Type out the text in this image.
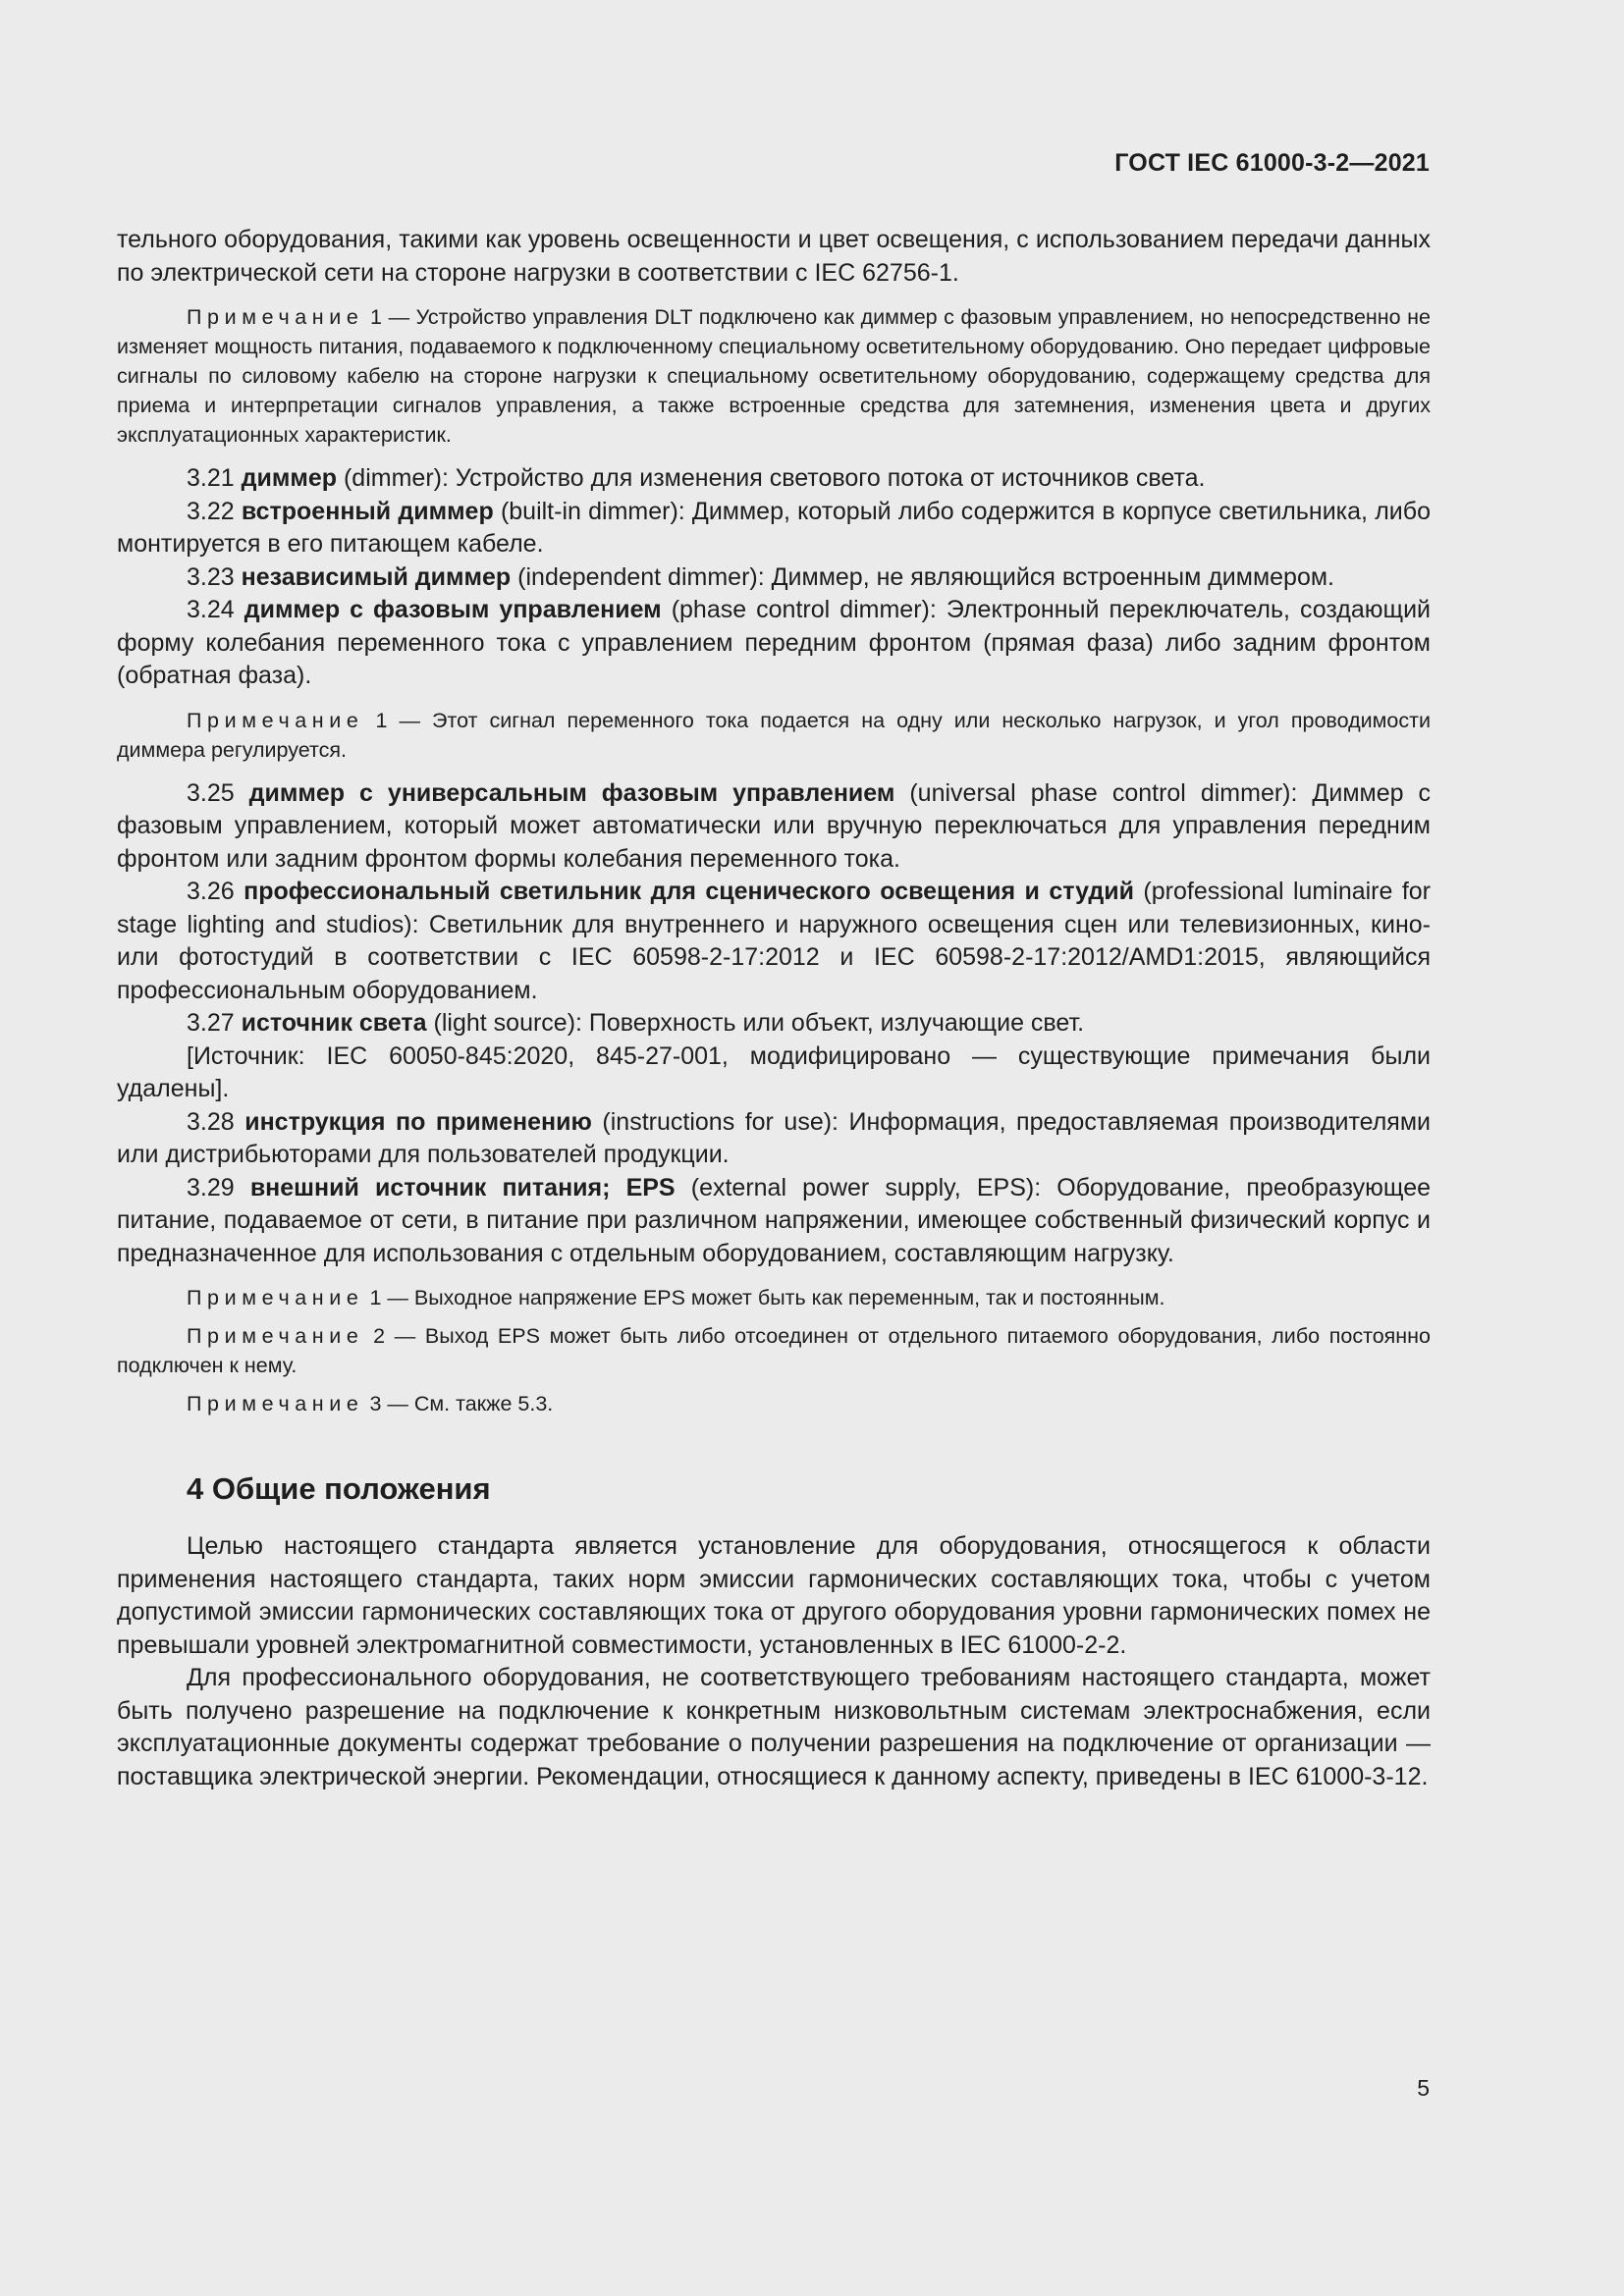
ГОСТ IEC 61000-3-2—2021

тельного оборудования, такими как уровень освещенности и цвет освещения, с использованием передачи данных по электрической сети на стороне нагрузки в соответствии с IEC 62756-1.

Примечание 1 — Устройство управления DLT подключено как диммер с фазовым управлением, но непосредственно не изменяет мощность питания, подаваемого к подключенному специальному осветительному оборудованию. Оно передает цифровые сигналы по силовому кабелю на стороне нагрузки к специальному осветительному оборудованию, содержащему средства для приема и интерпретации сигналов управления, а также встроенные средства для затемнения, изменения цвета и других эксплуатационных характеристик.

3.21 диммер (dimmer): Устройство для изменения светового потока от источников света.

3.22 встроенный диммер (built-in dimmer): Диммер, который либо содержится в корпусе светильника, либо монтируется в его питающем кабеле.

3.23 независимый диммер (independent dimmer): Диммер, не являющийся встроенным диммером.

3.24 диммер с фазовым управлением (phase control dimmer): Электронный переключатель, создающий форму колебания переменного тока с управлением передним фронтом (прямая фаза) либо задним фронтом (обратная фаза).

Примечание 1 — Этот сигнал переменного тока подается на одну или несколько нагрузок, и угол проводимости диммера регулируется.

3.25 диммер с универсальным фазовым управлением (universal phase control dimmer): Диммер с фазовым управлением, который может автоматически или вручную переключаться для управления передним фронтом или задним фронтом формы колебания переменного тока.

3.26 профессиональный светильник для сценического освещения и студий (professional luminaire for stage lighting and studios): Светильник для внутреннего и наружного освещения сцен или телевизионных, кино- или фотостудий в соответствии с IEC 60598-2-17:2012 и IEC 60598-2-17:2012/AMD1:2015, являющийся профессиональным оборудованием.

3.27 источник света (light source): Поверхность или объект, излучающие свет.

[Источник: IEC 60050-845:2020, 845-27-001, модифицировано — существующие примечания были удалены].

3.28 инструкция по применению (instructions for use): Информация, предоставляемая производителями или дистрибьюторами для пользователей продукции.

3.29 внешний источник питания; EPS (external power supply, EPS): Оборудование, преобразующее питание, подаваемое от сети, в питание при различном напряжении, имеющее собственный физический корпус и предназначенное для использования с отдельным оборудованием, составляющим нагрузку.

Примечание 1 — Выходное напряжение EPS может быть как переменным, так и постоянным.

Примечание 2 — Выход EPS может быть либо отсоединен от отдельного питаемого оборудования, либо постоянно подключен к нему.

Примечание 3 — См. также 5.3.

4 Общие положения

Целью настоящего стандарта является установление для оборудования, относящегося к области применения настоящего стандарта, таких норм эмиссии гармонических составляющих тока, чтобы с учетом допустимой эмиссии гармонических составляющих тока от другого оборудования уровни гармонических помех не превышали уровней электромагнитной совместимости, установленных в IEC 61000-2-2.

Для профессионального оборудования, не соответствующего требованиям настоящего стандарта, может быть получено разрешение на подключение к конкретным низковольтным системам электроснабжения, если эксплуатационные документы содержат требование о получении разрешения на подключение от организации — поставщика электрической энергии. Рекомендации, относящиеся к данному аспекту, приведены в IEC 61000-3-12.

5
